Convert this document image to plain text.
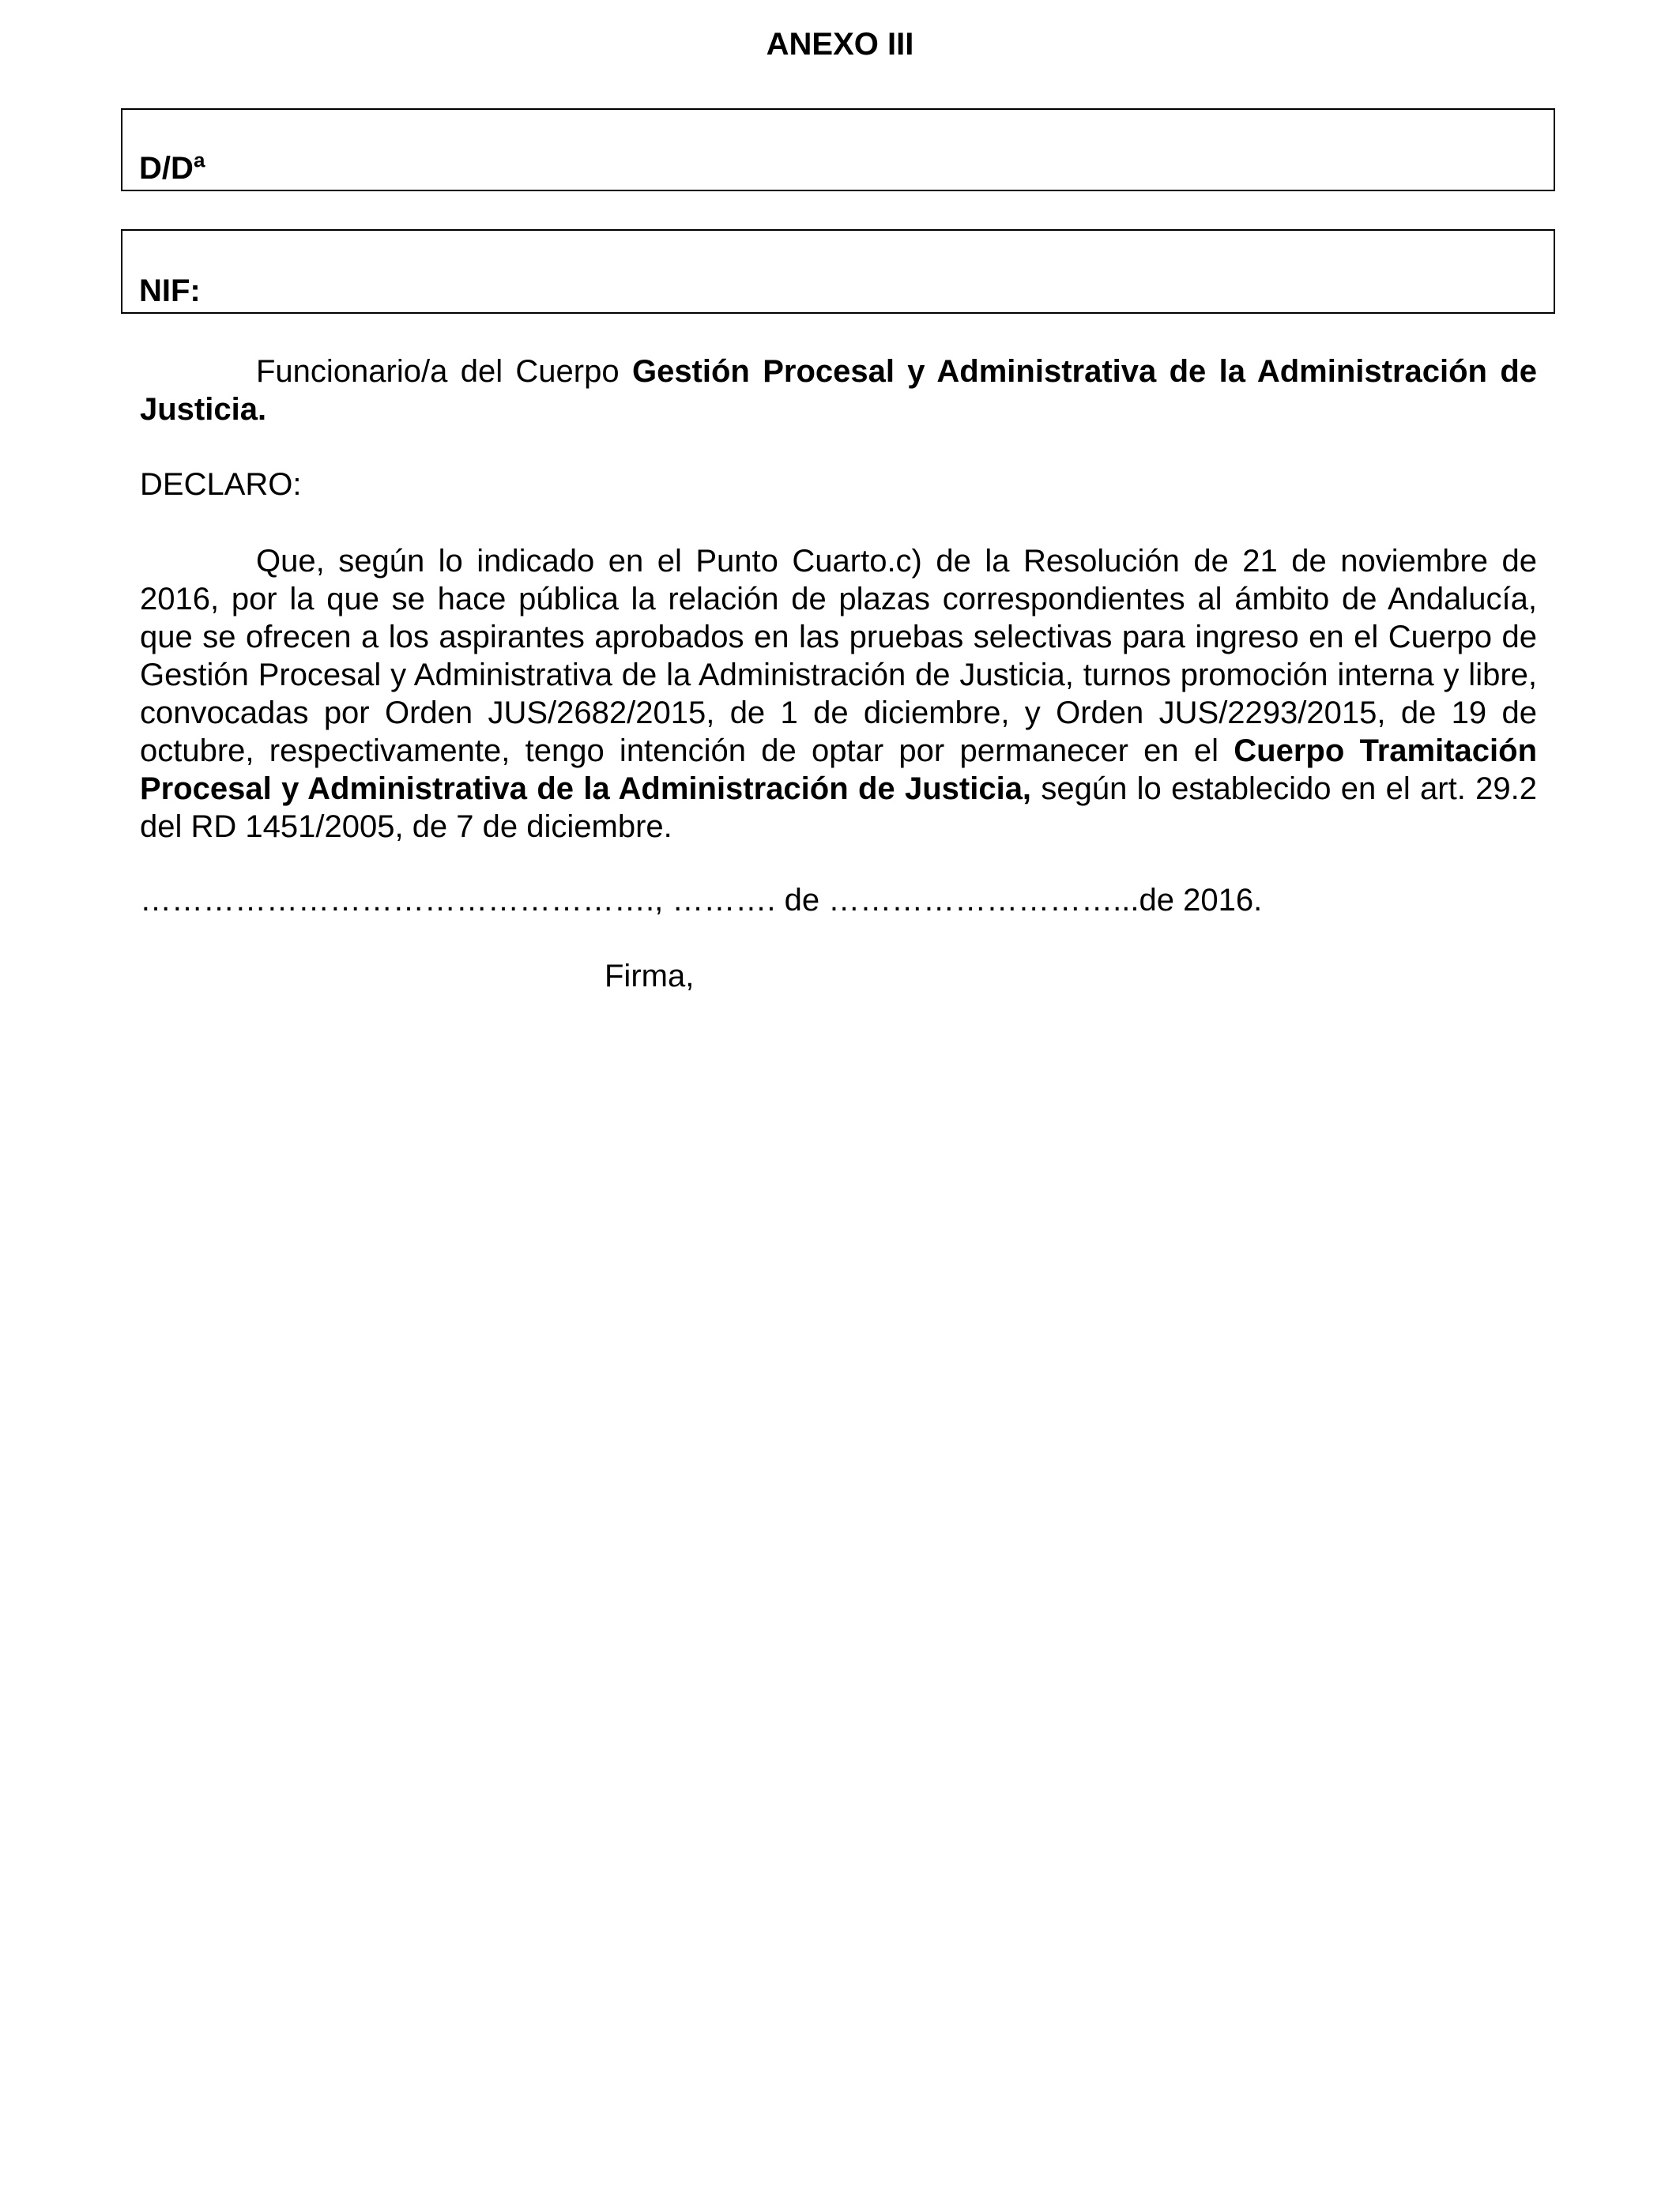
ANEXO III
D/Dª
NIF:
Funcionario/a del Cuerpo Gestión Procesal y Administrativa de la Administración de Justicia.
DECLARO:
Que, según lo indicado en el Punto Cuarto.c) de la Resolución de 21 de noviembre de 2016, por la que se hace pública la relación de plazas correspondientes al ámbito de Andalucía, que se ofrecen a los aspirantes aprobados en las pruebas selectivas para ingreso en el Cuerpo de Gestión Procesal y Administrativa de la Administración de Justicia, turnos promoción interna y libre, convocadas por Orden JUS/2682/2015, de 1 de diciembre, y Orden JUS/2293/2015, de 19 de octubre, respectivamente, tengo intención de optar por permanecer en el Cuerpo Tramitación Procesal y Administrativa de la Administración de Justicia, según lo establecido en el art. 29.2 del RD 1451/2005, de 7 de diciembre.
…………………………………………., ………. de ………………………...de 2016.
Firma,
